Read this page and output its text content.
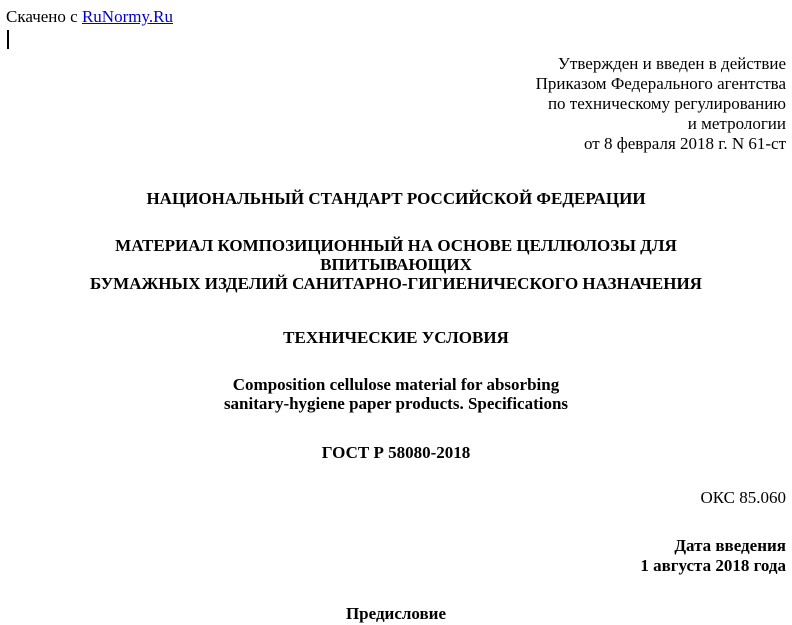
Скачено с RuNormy.Ru
Утвержден и введен в действие
Приказом Федерального агентства
по техническому регулированию
и метрологии
от 8 февраля 2018 г. N 61-ст
НАЦИОНАЛЬНЫЙ СТАНДАРТ РОССИЙСКОЙ ФЕДЕРАЦИИ
МАТЕРИАЛ КОМПОЗИЦИОННЫЙ НА ОСНОВЕ ЦЕЛЛЮЛОЗЫ ДЛЯ
ВПИТЫВАЮЩИХ
БУМАЖНЫХ ИЗДЕЛИЙ САНИТАРНО-ГИГИЕНИЧЕСКОГО НАЗНАЧЕНИЯ
ТЕХНИЧЕСКИЕ УСЛОВИЯ
Composition cellulose material for absorbing
sanitary-hygiene paper products. Specifications
ГОСТ Р 58080-2018
ОКС 85.060
Дата введения
1 августа 2018 года
Предисловие
